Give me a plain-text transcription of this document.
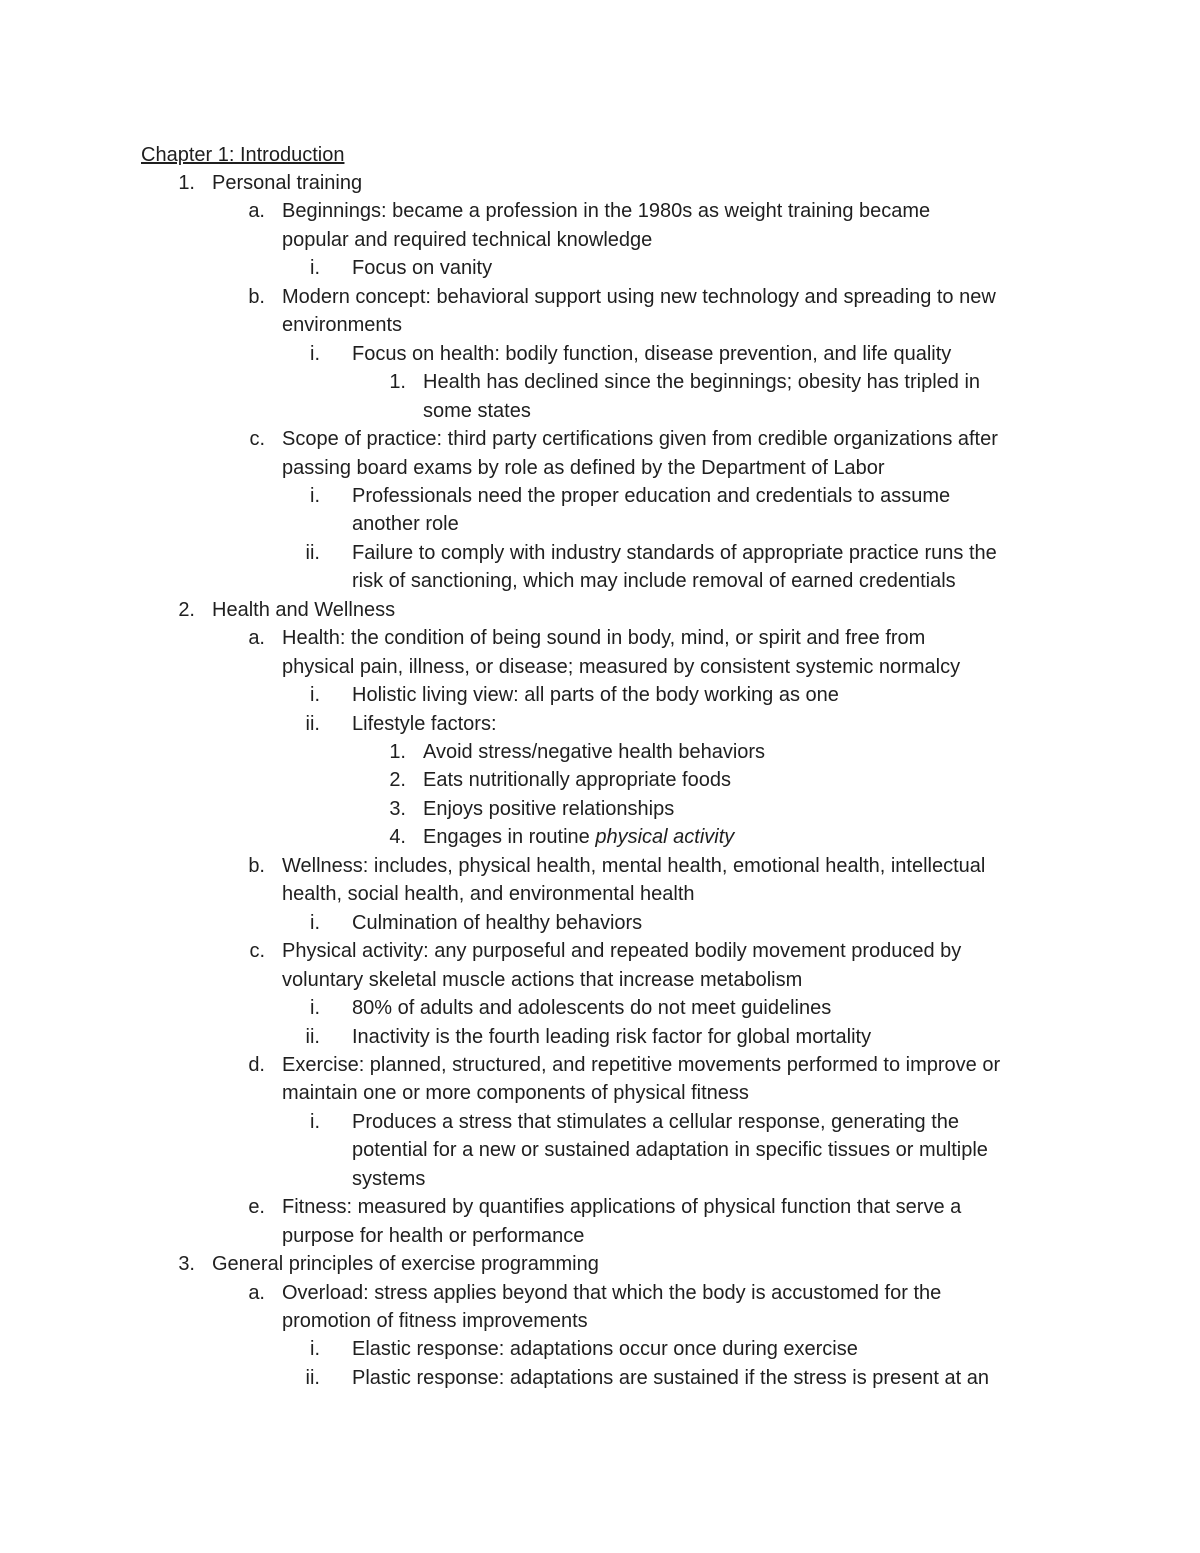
Chapter 1: Introduction
1. Personal training
a. Beginnings: became a profession in the 1980s as weight training became
popular and required technical knowledge
i. Focus on vanity
b. Modern concept: behavioral support using new technology and spreading to new
environments
i. Focus on health: bodily function, disease prevention, and life quality
1. Health has declined since the beginnings; obesity has tripled in
some states
c. Scope of practice: third party certifications given from credible organizations after
passing board exams by role as defined by the Department of Labor
i. Professionals need the proper education and credentials to assume
another role
ii. Failure to comply with industry standards of appropriate practice runs the
risk of sanctioning, which may include removal of earned credentials
2. Health and Wellness
a. Health: the condition of being sound in body, mind, or spirit and free from
physical pain, illness, or disease; measured by consistent systemic normalcy
i. Holistic living view: all parts of the body working as one
ii. Lifestyle factors:
1. Avoid stress/negative health behaviors
2. Eats nutritionally appropriate foods
3. Enjoys positive relationships
4. Engages in routine physical activity
b. Wellness: includes, physical health, mental health, emotional health, intellectual
health, social health, and environmental health
i. Culmination of healthy behaviors
c. Physical activity: any purposeful and repeated bodily movement produced by
voluntary skeletal muscle actions that increase metabolism
i. 80% of adults and adolescents do not meet guidelines
ii. Inactivity is the fourth leading risk factor for global mortality
d. Exercise: planned, structured, and repetitive movements performed to improve or
maintain one or more components of physical fitness
i. Produces a stress that stimulates a cellular response, generating the
potential for a new or sustained adaptation in specific tissues or multiple
systems
e. Fitness: measured by quantifies applications of physical function that serve a
purpose for health or performance
3. General principles of exercise programming
a. Overload: stress applies beyond that which the body is accustomed for the
promotion of fitness improvements
i. Elastic response: adaptations occur once during exercise
ii. Plastic response: adaptations are sustained if the stress is present at an
